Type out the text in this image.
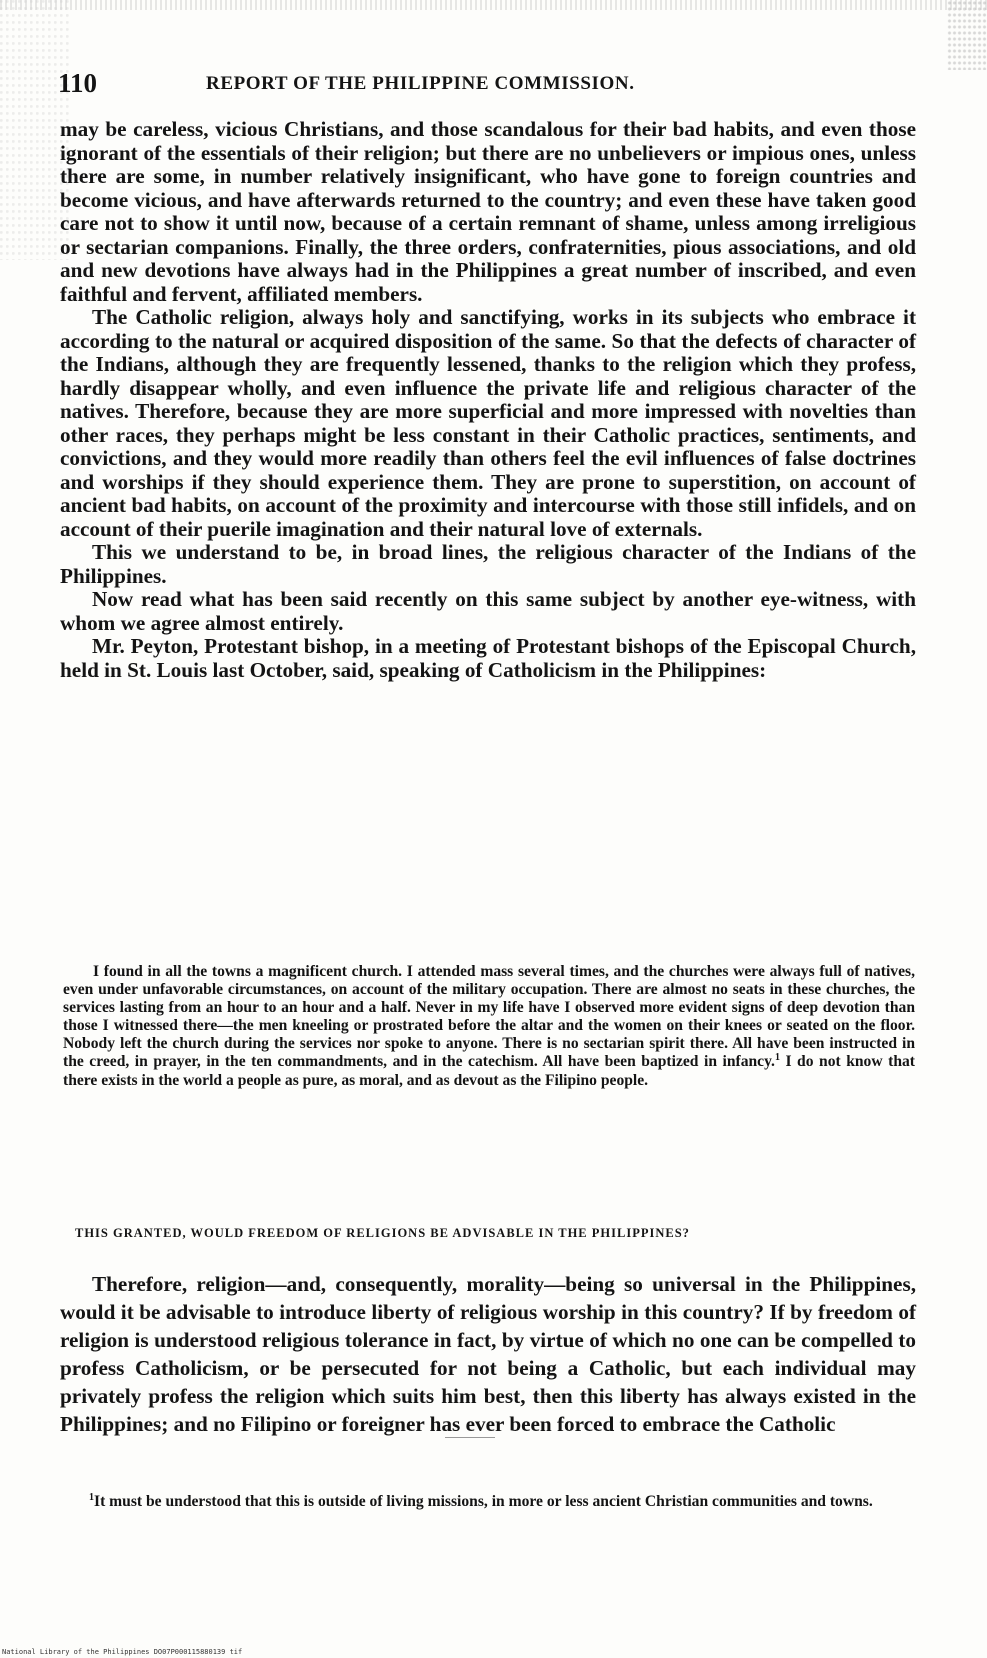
110	REPORT OF THE PHILIPPINE COMMISSION.

may be careless, vicious Christians, and those scandalous for their bad habits, and even those ignorant of the essentials of their religion; but there are no unbelievers or impious ones, unless there are some, in number relatively insignificant, who have gone to foreign countries and become vicious, and have afterwards returned to the country; and even these have taken good care not to show it until now, because of a certain remnant of shame, unless among irreligious or sectarian companions. Finally, the three orders, confraternities, pious associations, and old and new devotions have always had in the Philippines a great number of inscribed, and even faithful and fervent, affiliated members.

The Catholic religion, always holy and sanctifying, works in its subjects who embrace it according to the natural or acquired disposition of the same. So that the defects of character of the Indians, although they are frequently lessened, thanks to the religion which they profess, hardly disappear wholly, and even influence the private life and religious character of the natives. Therefore, because they are more superficial and more impressed with novelties than other races, they perhaps might be less constant in their Catholic practices, sentiments, and convictions, and they would more readily than others feel the evil influences of false doctrines and worships if they should experience them. They are prone to superstition, on account of ancient bad habits, on account of the proximity and intercourse with those still infidels, and on account of their puerile imagination and their natural love of externals.

This we understand to be, in broad lines, the religious character of the Indians of the Philippines.

Now read what has been said recently on this same subject by another eye-witness, with whom we agree almost entirely.

Mr. Peyton, Protestant bishop, in a meeting of Protestant bishops of the Episcopal Church, held in St. Louis last October, said, speaking of Catholicism in the Philippines:

I found in all the towns a magnificent church. I attended mass several times, and the churches were always full of natives, even under unfavorable circumstances, on account of the military occupation. There are almost no seats in these churches, the services lasting from an hour to an hour and a half. Never in my life have I observed more evident signs of deep devotion than those I witnessed there—the men kneeling or prostrated before the altar and the women on their knees or seated on the floor. Nobody left the church during the services nor spoke to anyone. There is no sectarian spirit there. All have been instructed in the creed, in prayer, in the ten commandments, and in the catechism. All have been baptized in infancy.$^1$ I do not know that there exists in the world a people as pure, as moral, and as devout as the Filipino people.

THIS GRANTED, WOULD FREEDOM OF RELIGIONS BE ADVISABLE IN THE PHILIPPINES?

Therefore, religion—and, consequently, morality—being so universal in the Philippines, would it be advisable to introduce liberty of religious worship in this country? If by freedom of religion is understood religious tolerance in fact, by virtue of which no one can be compelled to profess Catholicism, or be persecuted for not being a Catholic, but each individual may privately profess the religion which suits him best, then this liberty has always existed in the Philippines; and no Filipino or foreigner has ever been forced to embrace the Catholic

$^1$It must be understood that this is outside of living missions, in more or less ancient Christian communities and towns.

National Library of the Philippines DO07P000115880139 tif
